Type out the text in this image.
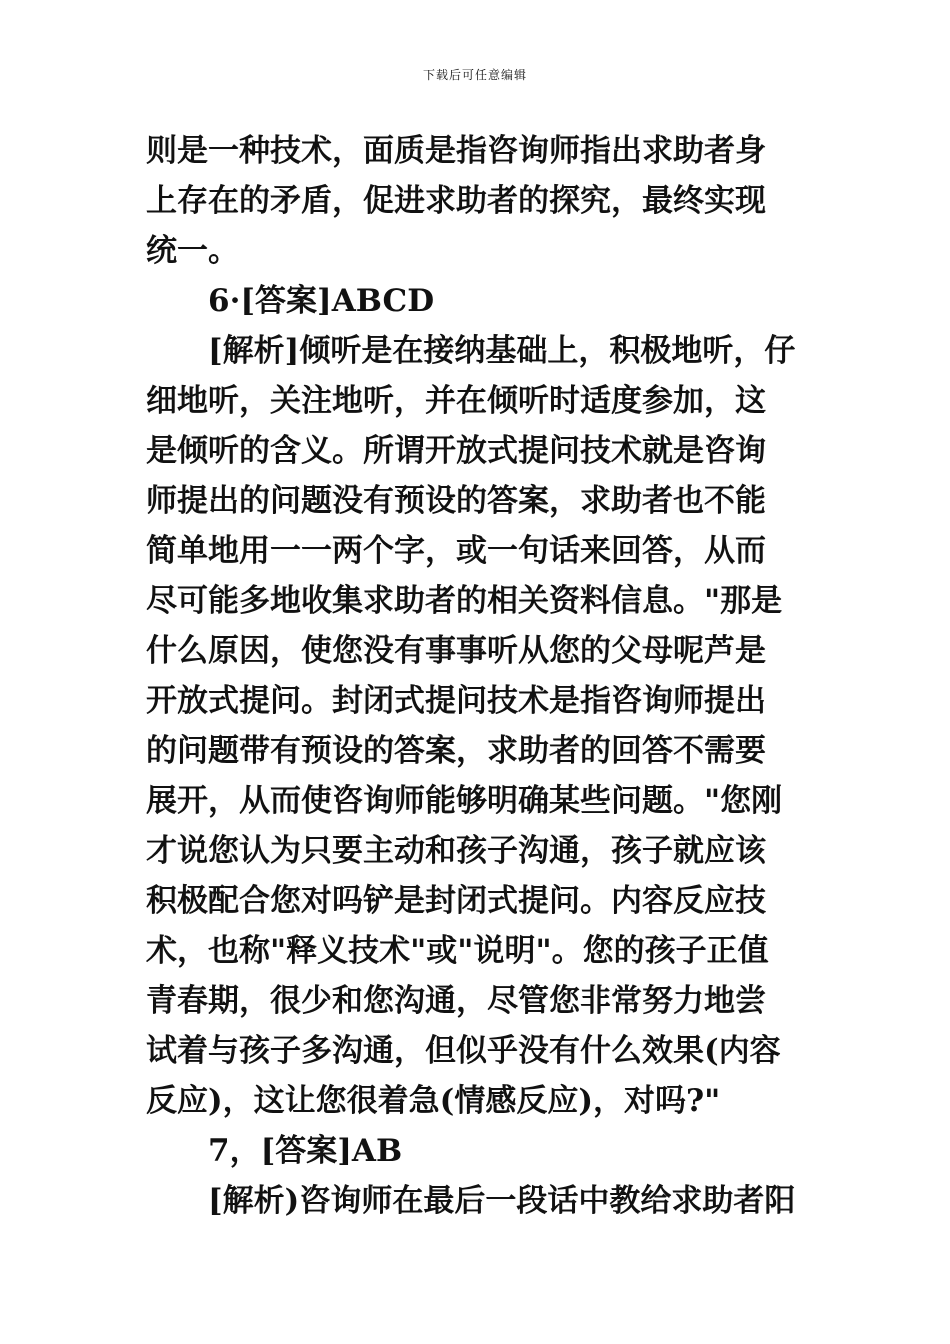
下载后可任意编辑
则是一种技术，面质是指咨询师指出求助者身
上存在的矛盾，促进求助者的探究，最终实现
统一。
6·[答案]ABCD
[解析]倾听是在接纳基础上，积极地听，仔
细地听，关注地听，并在倾听时适度参加，这
是倾听的含义。所谓开放式提问技术就是咨询
师提出的问题没有预设的答案，求助者也不能
简单地用一一两个字，或一句话来回答，从而
尽可能多地收集求助者的相关资料信息。"那是
什么原因，使您没有事事听从您的父母呢芦是
开放式提问。封闭式提问技术是指咨询师提出
的问题带有预设的答案，求助者的回答不需要
展开，从而使咨询师能够明确某些问题。"您刚
才说您认为只要主动和孩子沟通，孩子就应该
积极配合您对吗铲是封闭式提问。内容反应技
术，也称"释义技术"或"说明"。您的孩子正值
青春期，很少和您沟通，尽管您非常努力地尝
试着与孩子多沟通，但似乎没有什么效果(内容
反应)，这让您很着急(情感反应)，对吗?"
7，[答案]AB
[解析)咨询师在最后一段话中教给求助者阳
